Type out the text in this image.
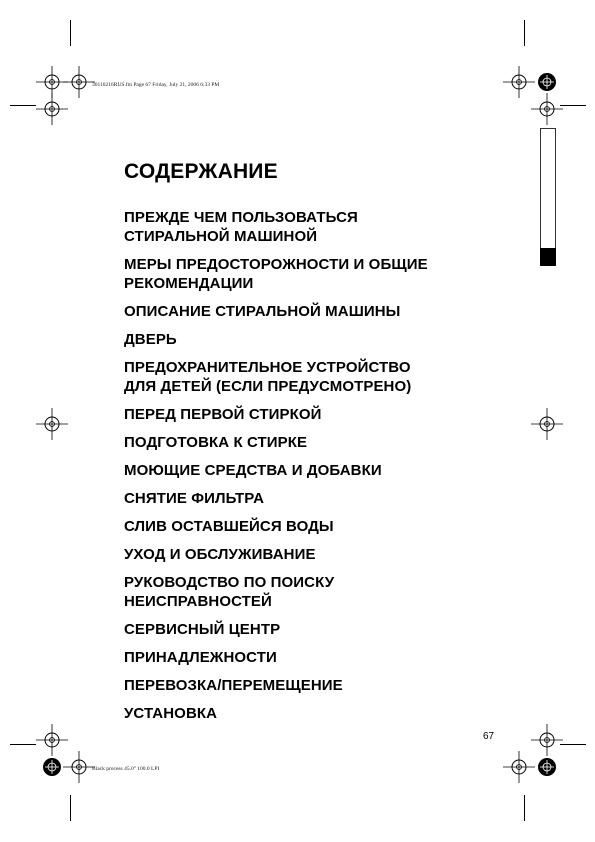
30110216RUS.fm Page 67 Friday, July 21, 2006 6:33 PM
Black process 45.0° 100.0 LPI
СОДЕРЖАНИЕ
ПРЕЖДЕ ЧЕМ ПОЛЬЗОВАТЬСЯ
СТИРАЛЬНОЙ МАШИНОЙ
МЕРЫ ПРЕДОСТОРОЖНОСТИ И ОБЩИЕ
РЕКОМЕНДАЦИИ
ОПИСАНИЕ СТИРАЛЬНОЙ МАШИНЫ
ДВЕРЬ
ПРЕДОХРАНИТЕЛЬНОЕ УСТРОЙСТВО
ДЛЯ ДЕТЕЙ (ЕСЛИ ПРЕДУСМОТРЕНО)
ПЕРЕД ПЕРВОЙ СТИРКОЙ
ПОДГОТОВКА К СТИРКЕ
МОЮЩИЕ СРЕДСТВА И ДОБАВКИ
СНЯТИЕ ФИЛЬТРА
СЛИВ ОСТАВШЕЙСЯ ВОДЫ
УХОД И ОБСЛУЖИВАНИЕ
РУКОВОДСТВО ПО ПОИСКУ
НЕИСПРАВНОСТЕЙ
СЕРВИСНЫЙ ЦЕНТР
ПРИНАДЛЕЖНОСТИ
ПЕРЕВОЗКА/ПЕРЕМЕЩЕНИЕ
УСТАНОВКА
67
